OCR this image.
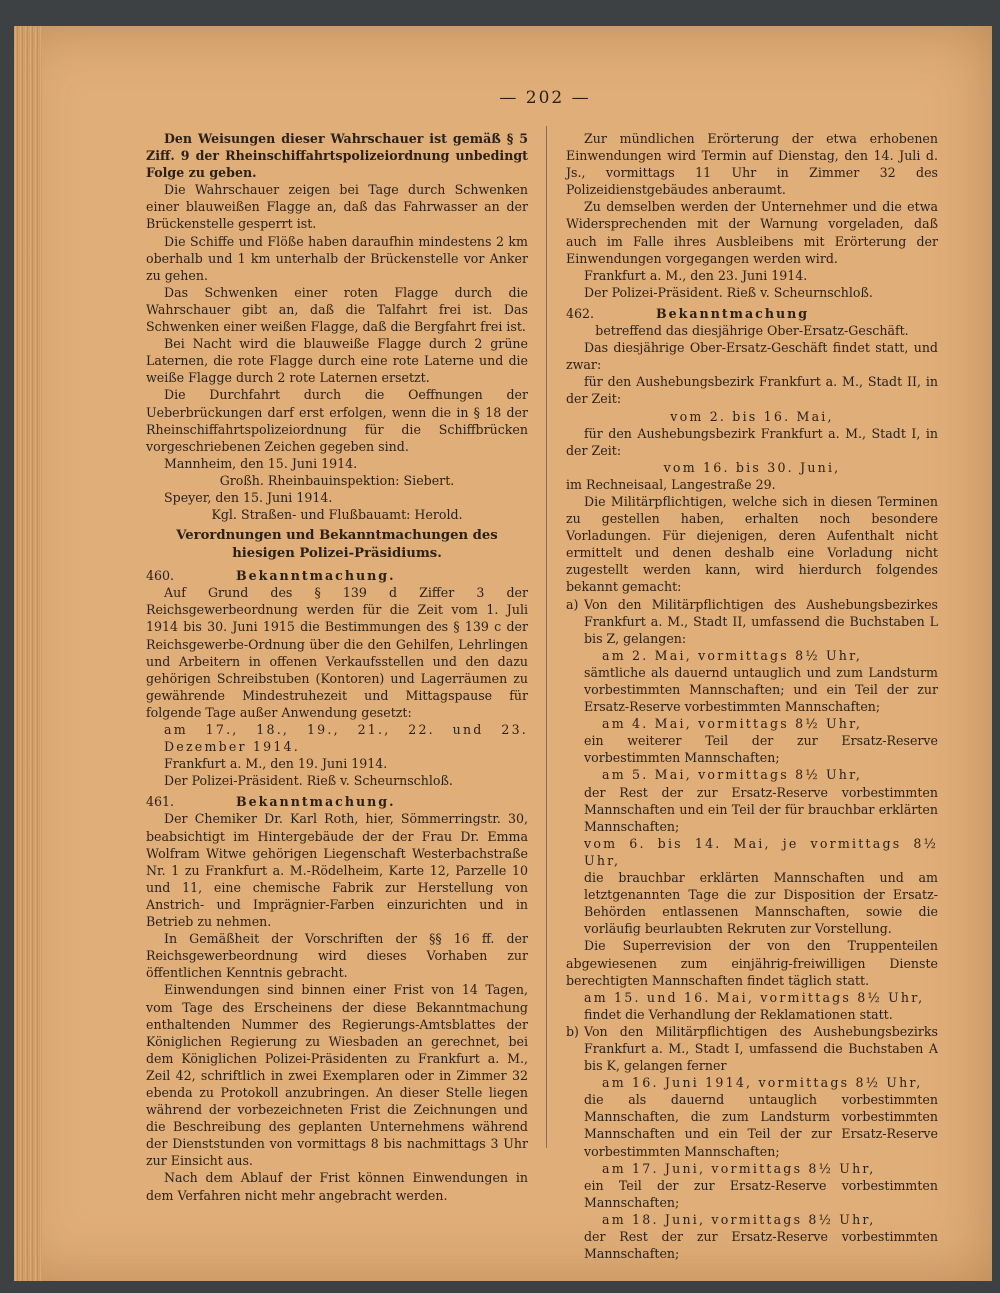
— 202 —

Den Weisungen dieser Wahrschauer ist gemäß § 5 Ziff. 9 der Rheinschiffahrtspolizeiordnung unbedingt Folge zu geben.

Die Wahrschauer zeigen bei Tage durch Schwenken einer blauweißen Flagge an, daß das Fahrwasser an der Brückenstelle gesperrt ist.

Die Schiffe und Flöße haben daraufhin mindestens 2 km oberhalb und 1 km unterhalb der Brückenstelle vor Anker zu gehen.

Das Schwenken einer roten Flagge durch die Wahrschauer gibt an, daß die Talfahrt frei ist. Das Schwenken einer weißen Flagge, daß die Bergfahrt frei ist.

Bei Nacht wird die blauweiße Flagge durch 2 grüne Laternen, die rote Flagge durch eine rote Laterne und die weiße Flagge durch 2 rote Laternen ersetzt.

Die Durchfahrt durch die Oeffnungen der Ueberbrückungen darf erst erfolgen, wenn die in § 18 der Rheinschiffahrtspolizeiordnung für die Schiffbrücken vorgeschriebenen Zeichen gegeben sind.

Mannheim, den 15. Juni 1914.

Großh. Rheinbauinspektion: Siebert.

Speyer, den 15. Juni 1914.

Kgl. Straßen- und Flußbauamt: Herold.

Verordnungen und Bekanntmachungen des hiesigen Polizei-Präsidiums.

460.	Bekanntmachung.

Auf Grund des § 139 d Ziffer 3 der Reichsgewerbeordnung werden für die Zeit vom 1. Juli 1914 bis 30. Juni 1915 die Bestimmungen des § 139 c der Reichsgewerbe-Ordnung über die den Gehilfen, Lehrlingen und Arbeitern in offenen Verkaufsstellen und den dazu gehörigen Schreibstuben (Kontoren) und Lagerräumen zu gewährende Mindestruhezeit und Mittagspause für folgende Tage außer Anwendung gesetzt:

am 17., 18., 19., 21., 22. und 23. Dezember 1914.

Frankfurt a. M., den 19. Juni 1914.

Der Polizei-Präsident. Rieß v. Scheurnschloß.

461.	Bekanntmachung.

Der Chemiker Dr. Karl Roth, hier, Sömmerringstr. 30, beabsichtigt im Hintergebäude der der Frau Dr. Emma Wolfram Witwe gehörigen Liegenschaft Westerbachstraße Nr. 1 zu Frankfurt a. M.-Rödelheim, Karte 12, Parzelle 10 und 11, eine chemische Fabrik zur Herstellung von Anstrich- und Imprägnier-Farben einzurichten und in Betrieb zu nehmen.

In Gemäßheit der Vorschriften der §§ 16 ff. der Reichsgewerbeordnung wird dieses Vorhaben zur öffentlichen Kenntnis gebracht.

Einwendungen sind binnen einer Frist von 14 Tagen, vom Tage des Erscheinens der diese Bekanntmachung enthaltenden Nummer des Regierungs-Amtsblattes der Königlichen Regierung zu Wiesbaden an gerechnet, bei dem Königlichen Polizei-Präsidenten zu Frankfurt a. M., Zeil 42, schriftlich in zwei Exemplaren oder in Zimmer 32 ebenda zu Protokoll anzubringen. An dieser Stelle liegen während der vorbezeichneten Frist die Zeichnungen und die Beschreibung des geplanten Unternehmens während der Dienststunden von vormittags 8 bis nachmittags 3 Uhr zur Einsicht aus.

Nach dem Ablauf der Frist können Einwendungen in dem Verfahren nicht mehr angebracht werden.

Zur mündlichen Erörterung der etwa erhobenen Einwendungen wird Termin auf Dienstag, den 14. Juli d. Js., vormittags 11 Uhr in Zimmer 32 des Polizeidienstgebäudes anberaumt.

Zu demselben werden der Unternehmer und die etwa Widersprechenden mit der Warnung vorgeladen, daß auch im Falle ihres Ausbleibens mit Erörterung der Einwendungen vorgegangen werden wird.

Frankfurt a. M., den 23. Juni 1914.

Der Polizei-Präsident. Rieß v. Scheurnschloß.

462.	Bekanntmachung

betreffend das diesjährige Ober-Ersatz-Geschäft.

Das diesjährige Ober-Ersatz-Geschäft findet statt, und zwar:

für den Aushebungsbezirk Frankfurt a. M., Stadt II, in der Zeit:

vom 2. bis 16. Mai,

für den Aushebungsbezirk Frankfurt a. M., Stadt I, in der Zeit:

vom 16. bis 30. Juni,

im Rechneisaal, Langestraße 29.

Die Militärpflichtigen, welche sich in diesen Terminen zu gestellen haben, erhalten noch besondere Vorladungen. Für diejenigen, deren Aufenthalt nicht ermittelt und denen deshalb eine Vorladung nicht zugestellt werden kann, wird hierdurch folgendes bekannt gemacht:

a) Von den Militärpflichtigen des Aushebungsbezirkes Frankfurt a. M., Stadt II, umfassend die Buchstaben L bis Z, gelangen:

am 2. Mai, vormittags 8½ Uhr,

sämtliche als dauernd untauglich und zum Landsturm vorbestimmten Mannschaften; und ein Teil der zur Ersatz-Reserve vorbestimmten Mannschaften;

am 4. Mai, vormittags 8½ Uhr,

ein weiterer Teil der zur Ersatz-Reserve vorbestimmten Mannschaften;

am 5. Mai, vormittags 8½ Uhr,

der Rest der zur Ersatz-Reserve vorbestimmten Mannschaften und ein Teil der für brauchbar erklärten Mannschaften;

vom 6. bis 14. Mai, je vormittags 8½ Uhr,

die brauchbar erklärten Mannschaften und am letztgenannten Tage die zur Disposition der Ersatz-Behörden entlassenen Mannschaften, sowie die vorläufig beurlaubten Rekruten zur Vorstellung.

Die Superrevision der von den Truppenteilen abgewiesenen zum einjährig-freiwilligen Dienste berechtigten Mannschaften findet täglich statt.

am 15. und 16. Mai, vormittags 8½ Uhr,

findet die Verhandlung der Reklamationen statt.

b) Von den Militärpflichtigen des Aushebungsbezirks Frankfurt a. M., Stadt I, umfassend die Buchstaben A bis K, gelangen ferner

am 16. Juni 1914, vormittags 8½ Uhr,

die als dauernd untauglich vorbestimmten Mannschaften, die zum Landsturm vorbestimmten Mannschaften und ein Teil der zur Ersatz-Reserve vorbestimmten Mannschaften;

am 17. Juni, vormittags 8½ Uhr,

ein Teil der zur Ersatz-Reserve vorbestimmten Mannschaften;

am 18. Juni, vormittags 8½ Uhr,

der Rest der zur Ersatz-Reserve vorbestimmten Mannschaften;
